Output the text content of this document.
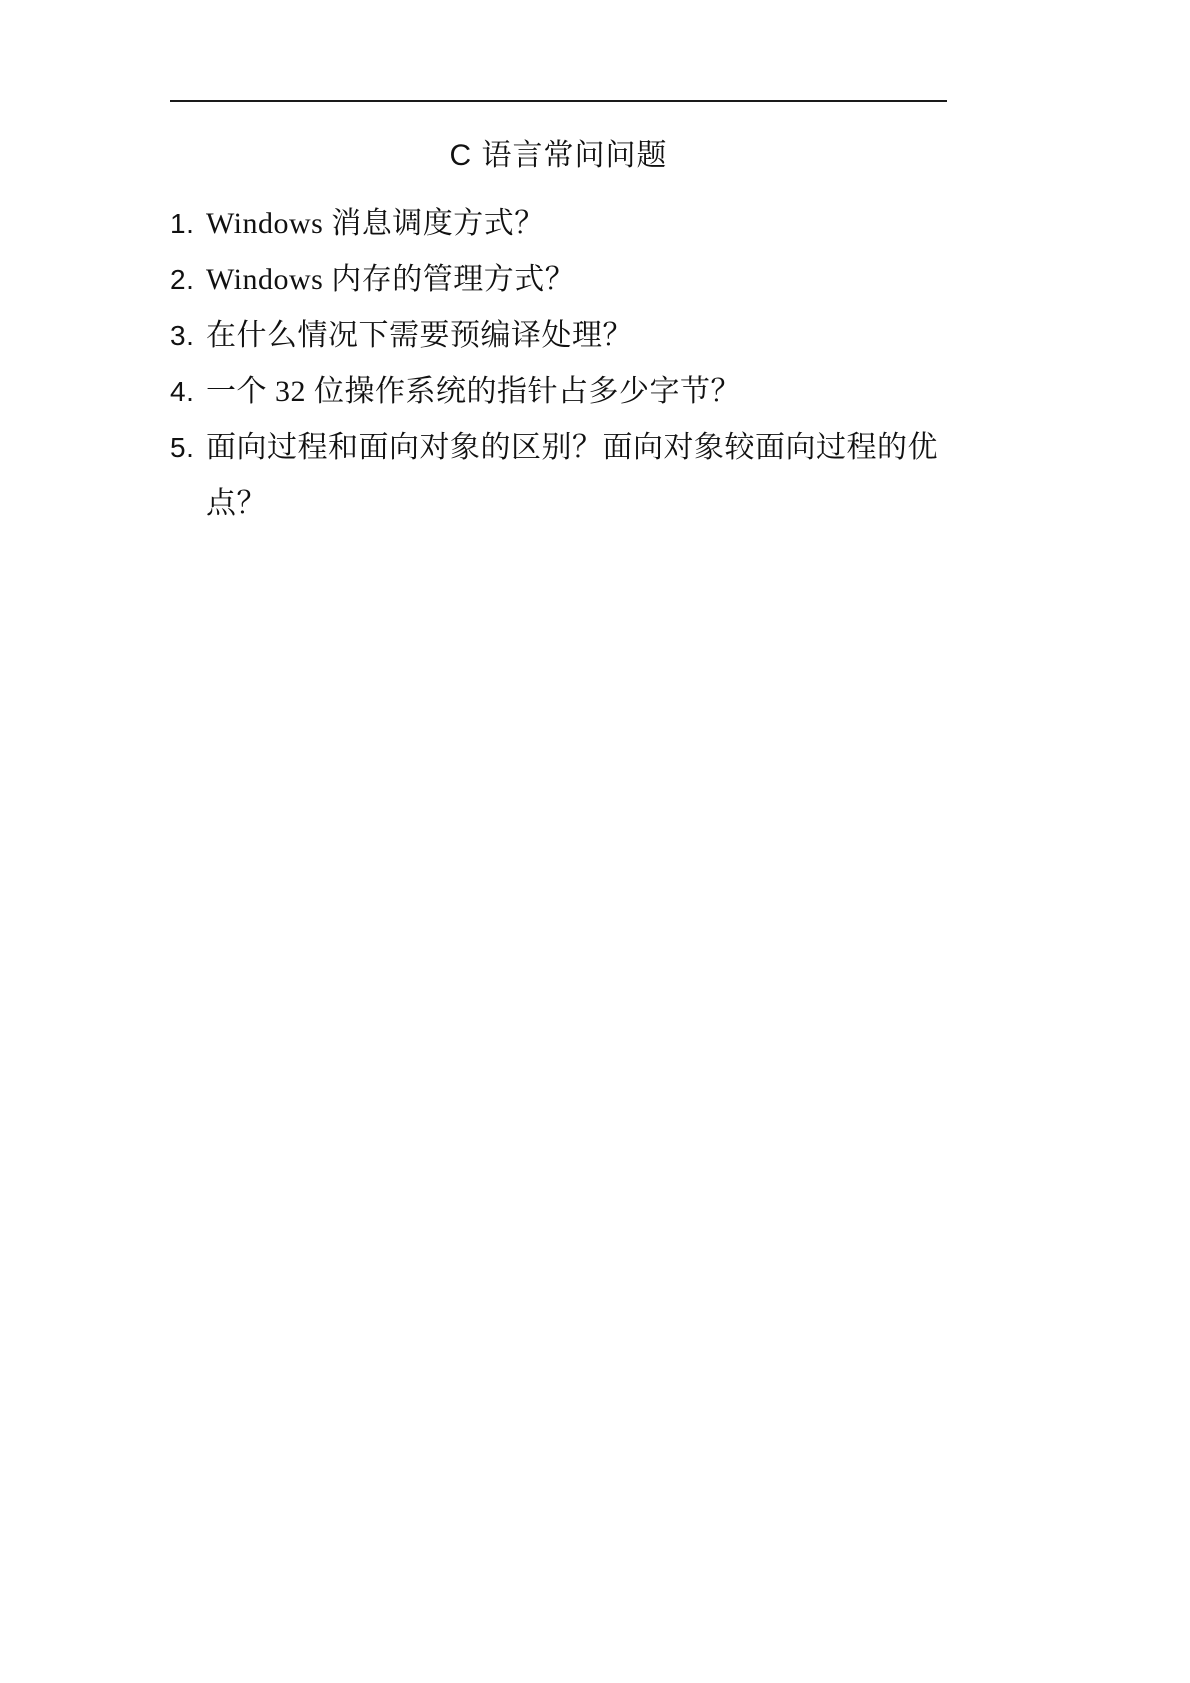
C 语言常问问题
1. Windows 消息调度方式？
2. Windows 内存的管理方式？
3. 在什么情况下需要预编译处理？
4. 一个 32 位操作系统的指针占多少字节？
5. 面向过程和面向对象的区别？面向对象较面向过程的优点？
